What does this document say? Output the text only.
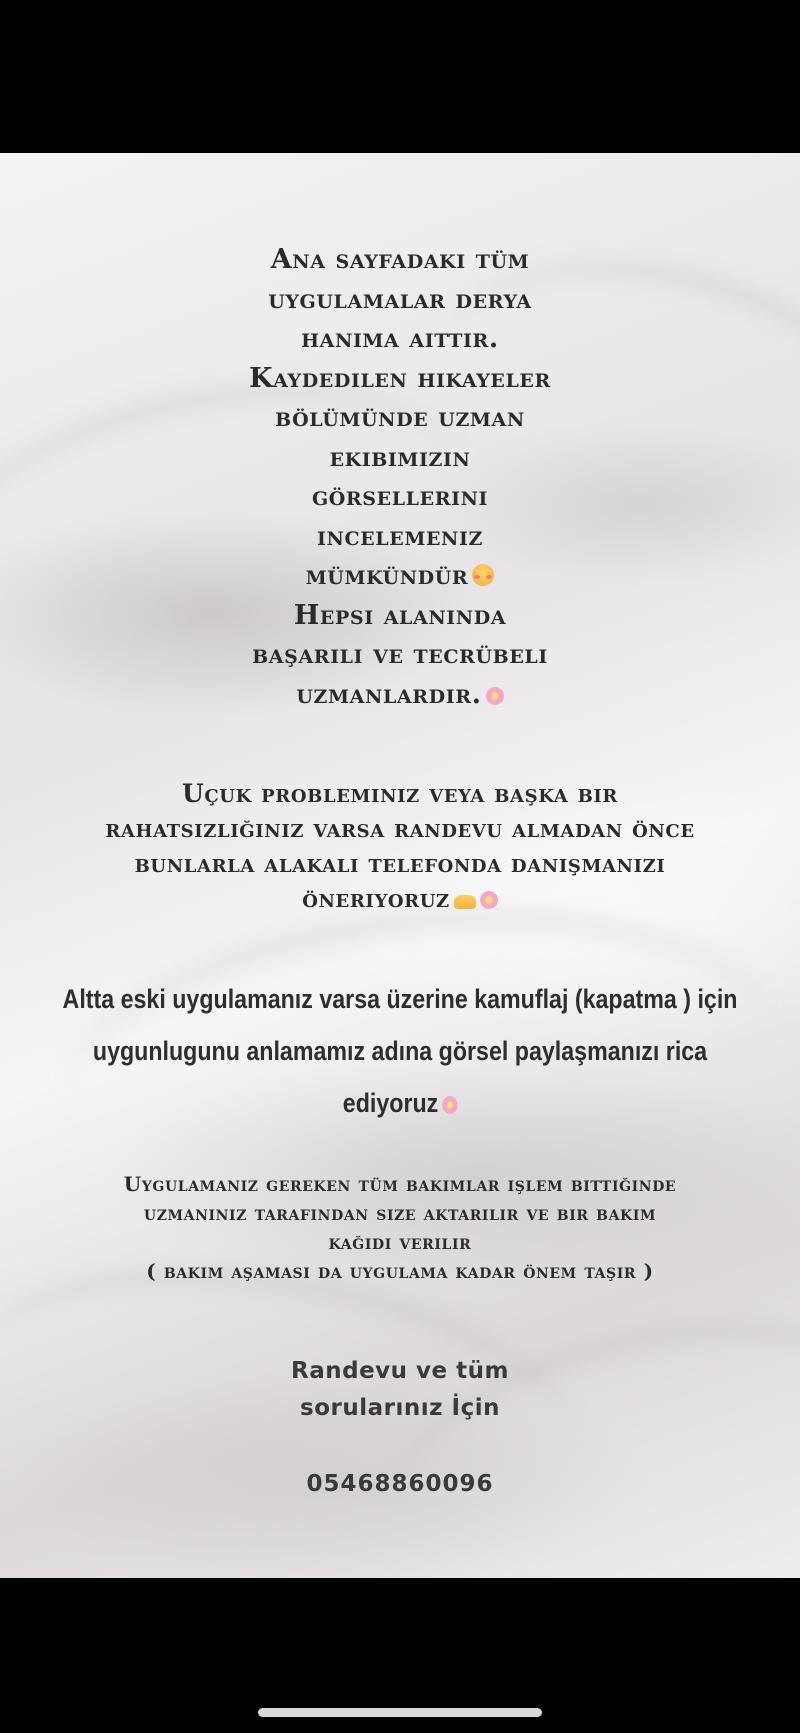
Ana sayfadaki tüm
uygulamalar derya
hanıma aittir.
Kaydedilen hikayeler
bölümünde uzman
ekibimizin
görsellerini
incelemeniz
mümkündür
Hepsi alanında
başarılı ve tecrübeli
uzmanlardır.
Uçuk probleminiz veya başka bir
rahatsızlığınız varsa randevu almadan önce
bunlarla alakalı telefonda danışmanızı
öneriyoruz
Altta eski uygulamanız varsa üzerine kamuflaj (kapatma ) için
uygunlugunu anlamamız adına görsel paylaşmanızı rica
ediyoruz
Uygulamanız gereken tüm bakımlar işlem bittiğinde
uzmanınız tarafından size aktarılır ve bir bakım
kağıdı verilir
( bakım aşaması da uygulama kadar önem taşır )
Randevu ve tüm
sorularınız İçin
05468860096
